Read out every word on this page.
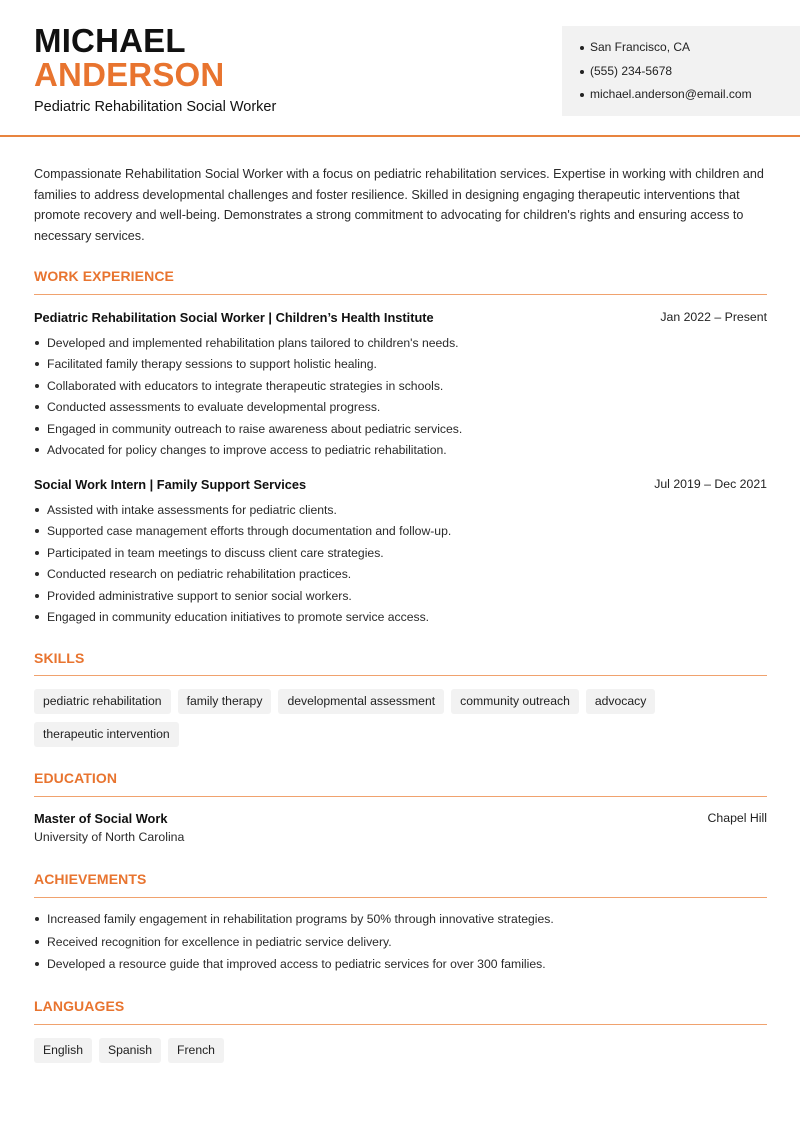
MICHAEL
ANDERSON
Pediatric Rehabilitation Social Worker
San Francisco, CA
(555) 234-5678
michael.anderson@email.com

Compassionate Rehabilitation Social Worker with a focus on pediatric rehabilitation services. Expertise in working with children and families to address developmental challenges and foster resilience. Skilled in designing engaging therapeutic interventions that promote recovery and well-being. Demonstrates a strong commitment to advocating for children's rights and ensuring access to necessary services.

WORK EXPERIENCE
Pediatric Rehabilitation Social Worker | Children’s Health Institute	Jan 2022 – Present
Developed and implemented rehabilitation plans tailored to children's needs.
Facilitated family therapy sessions to support holistic healing.
Collaborated with educators to integrate therapeutic strategies in schools.
Conducted assessments to evaluate developmental progress.
Engaged in community outreach to raise awareness about pediatric services.
Advocated for policy changes to improve access to pediatric rehabilitation.
Social Work Intern | Family Support Services	Jul 2019 – Dec 2021
Assisted with intake assessments for pediatric clients.
Supported case management efforts through documentation and follow-up.
Participated in team meetings to discuss client care strategies.
Conducted research on pediatric rehabilitation practices.
Provided administrative support to senior social workers.
Engaged in community education initiatives to promote service access.
SKILLS
pediatric rehabilitation	family therapy	developmental assessment	community outreach	advocacy
therapeutic intervention
EDUCATION
Master of Social Work
University of North Carolina
Chapel Hill
ACHIEVEMENTS
Increased family engagement in rehabilitation programs by 50% through innovative strategies.
Received recognition for excellence in pediatric service delivery.
Developed a resource guide that improved access to pediatric services for over 300 families.
LANGUAGES
English	Spanish	French
